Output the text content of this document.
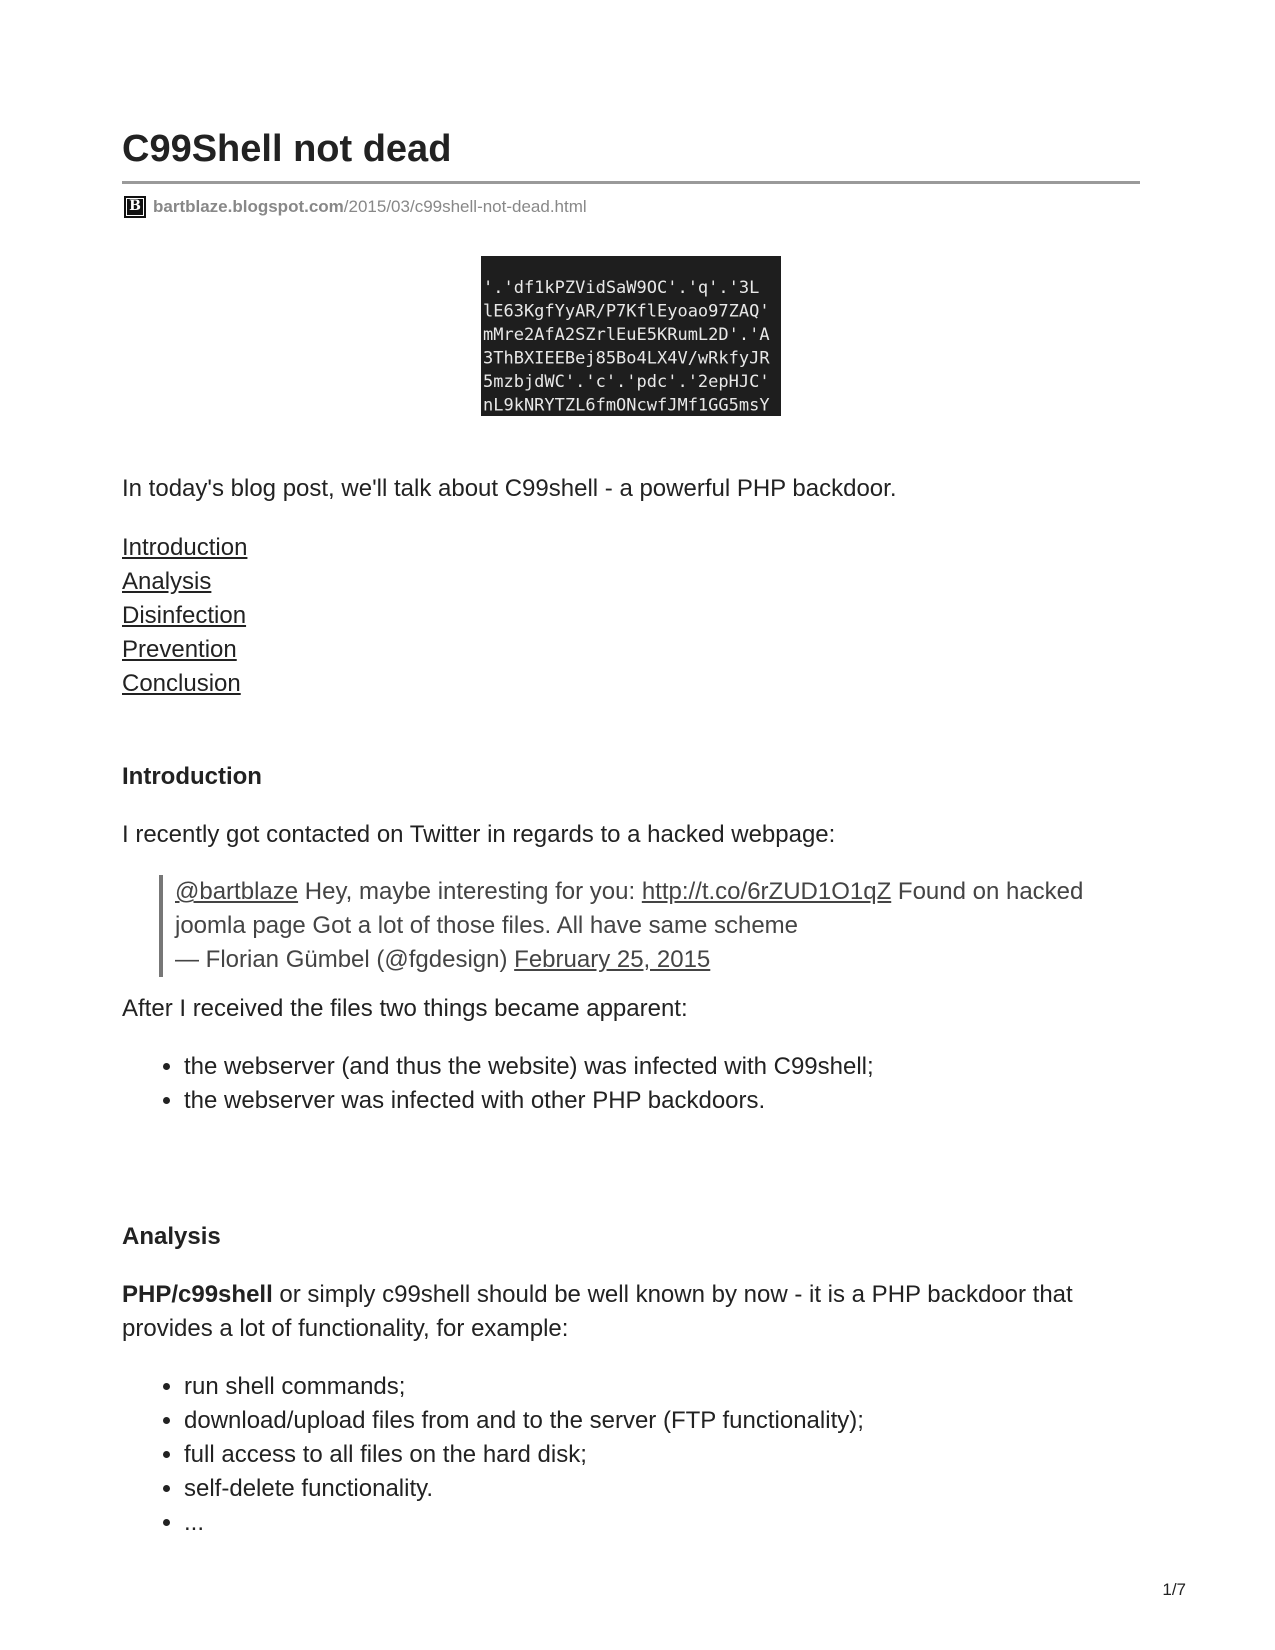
C99Shell not dead
B bartblaze.blogspot.com /2015/03/c99shell-not-dead.html
'.'df1kPZVidSaW9OC'.'q'.'3L
lE63KgfYyAR/P7KflEyoao97ZAQ'
mMre2AfA2SZrlEuE5KRumL2D'.'A
3ThBXIEEBej85Bo4LX4V/wRkfyJR
5mzbjdWC'.'c'.'pdc'.'2epHJC'
nL9kNRYTZL6fmONcwfJMf1GG5msY

In today's blog post, we'll talk about C99shell - a powerful PHP backdoor.

Introduction
Analysis
Disinfection
Prevention
Conclusion
Introduction

I recently got contacted on Twitter in regards to a hacked webpage:

@bartblaze Hey, maybe interesting for you: http://t.co/6rZUD1O1qZ Found on hacked
joomla page Got a lot of those files. All have same scheme
— Florian Gümbel (@fgdesign) February 25, 2015

After I received the files two things became apparent:

• the webserver (and thus the website) was infected with C99shell;
• the webserver was infected with other PHP backdoors.
Analysis

PHP/c99shell or simply c99shell should be well known by now - it is a PHP backdoor that
provides a lot of functionality, for example:

• run shell commands;
• download/upload files from and to the server (FTP functionality);
• full access to all files on the hard disk;
• self-delete functionality.
• ...
1/7
